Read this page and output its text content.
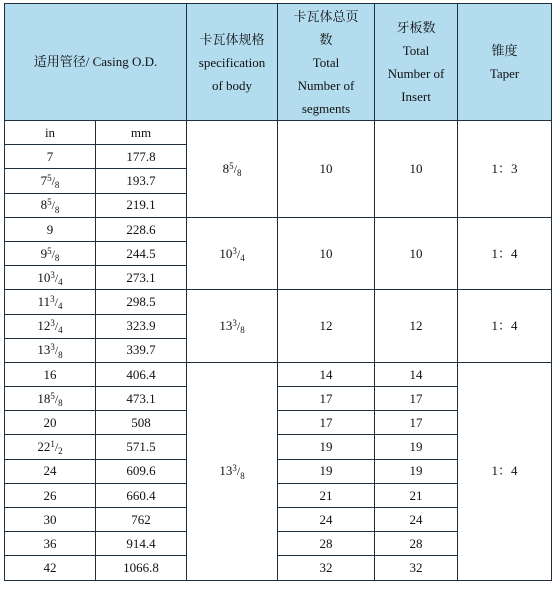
适用管径/ Casing O.D.		卡瓦体规格
specification
of body	卡瓦体总页
数
Total
Number of
segments	牙板数
Total
Number of
Insert	锥度
Taper
in	mm	$8^5/_8$	10	10	1：3
7	177.8				
$7^5/_8$	193.7				
$8^5/_8$	219.1				
9	228.6	$10^3/_4$	10	10	1：4
$9^5/_8$	244.5				
$10^3/_4$	273.1				
$11^3/_4$	298.5	$13^3/_8$	12	12	1：4
$12^3/_4$	323.9				
$13^3/_8$	339.7				
16	406.4	$13^3/_8$	14	14	1：4
$18^5/_8$	473.1		17	17	
20	508		17	17	
$22^1/_2$	571.5		19	19	
24	609.6		19	19	
26	660.4		21	21	
30	762		24	24	
36	914.4		28	28	
42	1066.8		32	32	
